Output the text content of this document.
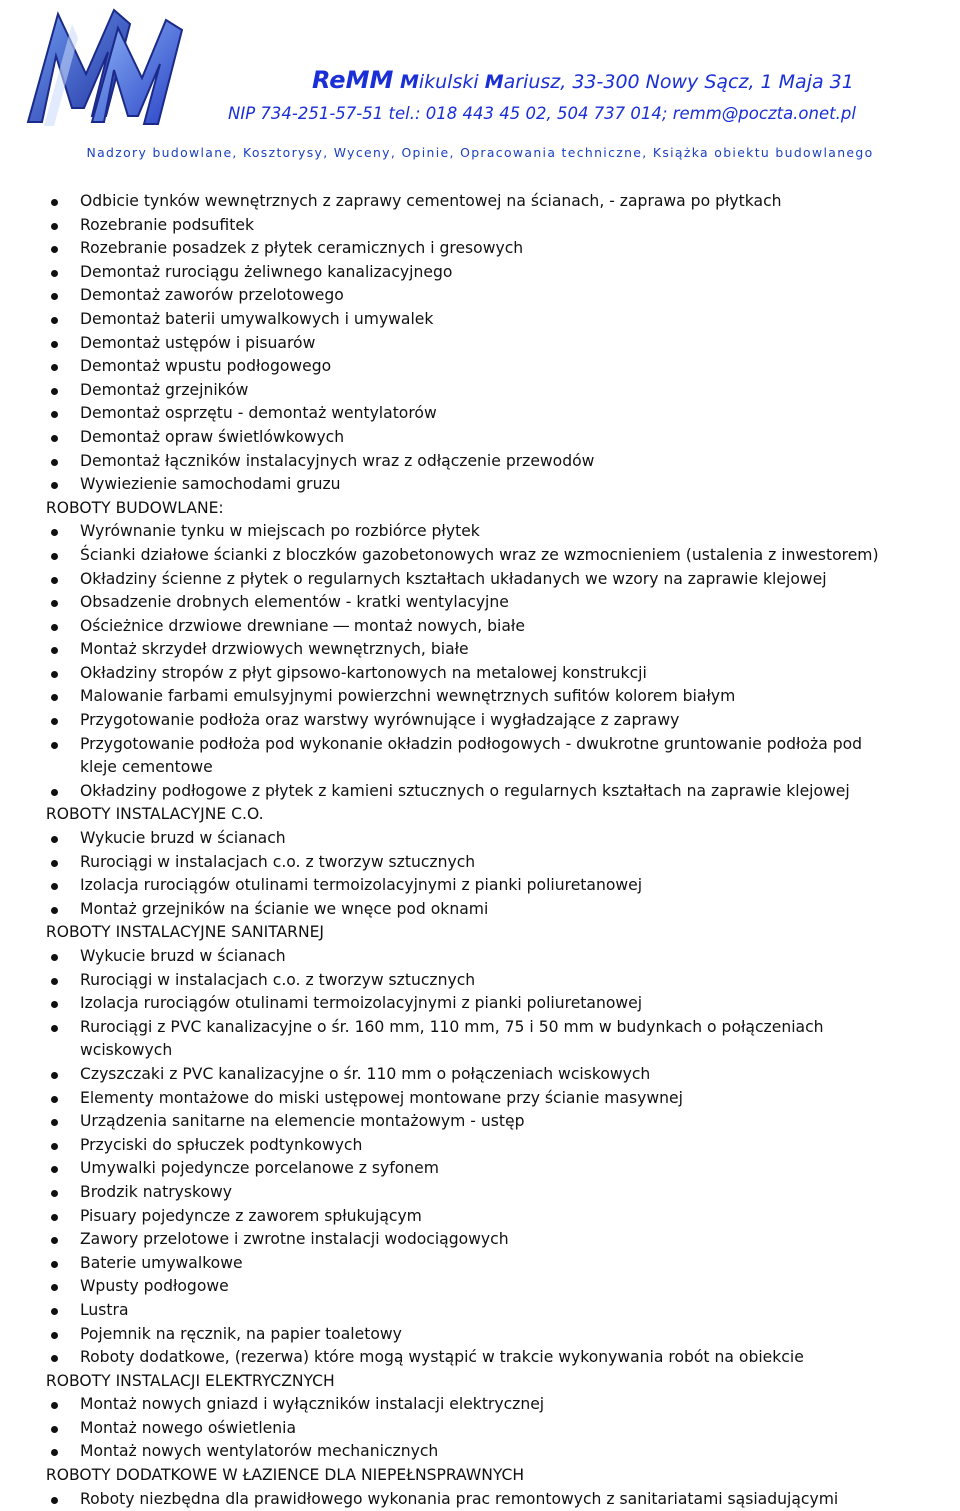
ReMM Mikulski Mariusz, 33-300 Nowy Sącz, 1 Maja 31
NIP 734-251-57-51 tel.: 018 443 45 02, 504 737 014; remm@poczta.onet.pl
Nadzory budowlane, Kosztorysy, Wyceny, Opinie, Opracowania techniczne, Książka obiektu budowlanego
Odbicie tynków wewnętrznych z zaprawy cementowej na ścianach, - zaprawa po płytkach
Rozebranie podsufitek
Rozebranie posadzek z płytek ceramicznych i gresowych
Demontaż rurociągu żeliwnego kanalizacyjnego
Demontaż zaworów przelotowego
Demontaż baterii umywalkowych i umywalek
Demontaż ustępów i pisuarów
Demontaż wpustu podłogowego
Demontaż grzejników
Demontaż osprzętu - demontaż wentylatorów
Demontaż opraw świetlówkowych
Demontaż łączników instalacyjnych wraz z odłączenie przewodów
Wywiezienie samochodami gruzu
ROBOTY BUDOWLANE:
Wyrównanie tynku w miejscach po rozbiórce płytek
Ścianki działowe ścianki z bloczków gazobetonowych wraz ze wzmocnieniem (ustalenia z inwestorem)
Okładziny ścienne z płytek o regularnych kształtach układanych we wzory na zaprawie klejowej
Obsadzenie drobnych elementów - kratki wentylacyjne
Ościeżnice drzwiowe drewniane ― montaż nowych, białe
Montaż skrzydeł drzwiowych wewnętrznych, białe
Okładziny stropów z płyt gipsowo-kartonowych na metalowej konstrukcji
Malowanie farbami emulsyjnymi powierzchni wewnętrznych sufitów kolorem białym
Przygotowanie podłoża oraz warstwy wyrównujące i wygładzające z zaprawy
Przygotowanie podłoża pod wykonanie okładzin podłogowych - dwukrotne gruntowanie podłoża pod
kleje cementowe
Okładziny podłogowe z płytek z kamieni sztucznych o regularnych kształtach na zaprawie klejowej
ROBOTY INSTALACYJNE C.O.
Wykucie bruzd w ścianach
Rurociągi w instalacjach c.o. z tworzyw sztucznych
Izolacja rurociągów otulinami termoizolacyjnymi z pianki poliuretanowej
Montaż grzejników na ścianie we wnęce pod oknami
ROBOTY INSTALACYJNE SANITARNEJ
Wykucie bruzd w ścianach
Rurociągi w instalacjach c.o. z tworzyw sztucznych
Izolacja rurociągów otulinami termoizolacyjnymi z pianki poliuretanowej
Rurociągi z PVC kanalizacyjne o śr. 160 mm, 110 mm, 75 i 50 mm w budynkach o połączeniach
wciskowych
Czyszczaki z PVC kanalizacyjne o śr. 110 mm o połączeniach wciskowych
Elementy montażowe do miski ustępowej montowane przy ścianie masywnej
Urządzenia sanitarne na elemencie montażowym - ustęp
Przyciski do spłuczek podtynkowych
Umywalki pojedyncze porcelanowe z syfonem
Brodzik natryskowy
Pisuary pojedyncze z zaworem spłukującym
Zawory przelotowe i zwrotne instalacji wodociągowych
Baterie umywalkowe
Wpusty podłogowe
Lustra
Pojemnik na ręcznik, na papier toaletowy
Roboty dodatkowe, (rezerwa) które mogą wystąpić w trakcie wykonywania robót na obiekcie
ROBOTY INSTALACJI ELEKTRYCZNYCH
Montaż nowych gniazd i wyłączników instalacji elektrycznej
Montaż nowego oświetlenia
Montaż nowych wentylatorów mechanicznych
ROBOTY DODATKOWE W ŁAZIENCE DLA NIEPEŁNSPRAWNYCH
Roboty niezbędna dla prawidłowego wykonania prac remontowych z sanitariatami sąsiadującymi
